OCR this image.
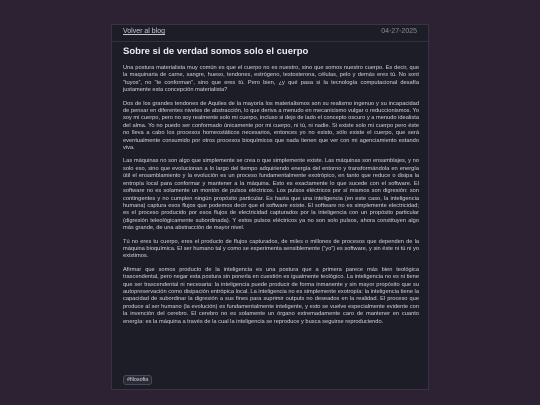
Volver al blog	04-27-2025
Sobre si de verdad somos solo el cuerpo

Una postura materialista muy común es que el cuerpo no es nuestro, sino que somos nuestro cuerpo. Es decir, que la maquinaria de carne, sangre, hueso, tendones, estrógeno, testosterona, células, pelo y demás eres tú. No sont “tuyos”, no “te conforman”, sino que eres tú. Pero bien, ¿y qué pasa si la tecnología computacional desafía justamente esta concepción materialista?

Dos de los grandes tendones de Aquiles de la mayoría los materialismos son su realismo ingenuo y su incapacidad de pensar en diferentes niveles de abstracción, lo que deriva a menudo en mecanicismo vulgar o reduccionismos. Yo soy mi cuerpo, pero no soy realmente solo mi cuerpo, incluso si dejo de lado el concepto oscuro y a menudo idealista del alma. Yo no puedo ser conformado únicamente por mi cuerpo, ni tú, ni nadie. Si existe solo mi cuerpo pero éste no lleva a cabo los procesos homeostáticos necesarios, entonces yo no existo, sólo existe el cuerpo, que será eventualmente consumido por otros procesos bioquímicos que nada tienen que ver con mi agenciamiento estando viva.

Las máquinas no son algo que simplemente se crea o que simplemente existe. Las máquinas son ensamblajes, y no solo eso, sino que evolucionan a lo largo del tiempo adquiriendo energía del entorno y transformándola en energía útil el ensamblamiento y la evolución es un proceso fundamentalmente exotrópico, en tanto que reduce o disipa la entropía local para conformar y mantener a la máquina. Esto es exactamente lo que sucede con el software. El software no es solamente un montón de pulsos eléctricos. Los pulsos eléctricos por sí mismos son digresión: son contingentes y no cumplen ningún propósito particular. Es hasta que una inteligencia (en este caso, la inteligencia humana) captura esos flujos que podemos decir que el software existe. El software no es simplemente electricidad; es el proceso producido por esos flujos de electricidad capturados por la inteligencia con un propósito particular (digresión teleológicamente subordinada). Y estos pulsos eléctricos ya no son solo pulsos, ahora constituyen algo más grande, de una abstracción de mayor nivel.

Tú no eres tu cuerpo, eres el producto de flujos capturados, de miles o millones de procesos que dependen de la máquina bioquímica. El ser humano tal y como se experimenta sensiblemente (“yo”) es software, y sin éste ni tú ni yo existimos.

Afirmar que somos producto de la inteligencia es una postura que a primera parece más bien teológica trascendental, pero negar esta postura sin ponerla en cuestión es igualmente teológico. La inteligencia no es ni tiene que ser trascendental ni necesaria: la inteligencia puede producir de forma inmanente y sin mayor propósito que su autopreservación como disipación entrópica local. La inteligencia no es simplemente exotropía: la inteligencia tiene la capacidad de subordinar la digresión a sus fines para suprimir outputs no deseados en la realidad. El proceso que produce al ser humano (la evolución) es fundamentalmente inteligente, y esto se vuelve especialmente evidente con la invención del cerebro. El cerebro no es solamente un órgano extremadamente caro de mantener en cuanto energía: es la máquina a través de la cual la inteligencia se reproduce y busca seguirse reproduciendo.

#filosofia
